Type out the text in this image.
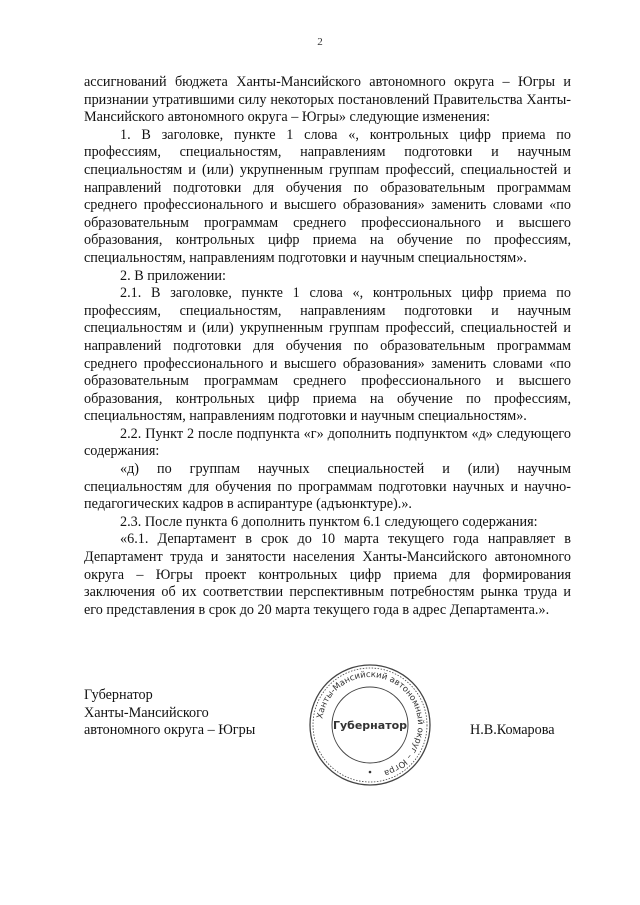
2

ассигнований бюджета Ханты-Мансийского автономного округа – Югры и признании утратившими силу некоторых постановлений Правительства Ханты-Мансийского автономного округа – Югры» следующие изменения:

1. В заголовке, пункте 1 слова «, контрольных цифр приема по профессиям, специальностям, направлениям подготовки и научным специальностям и (или) укрупненным группам профессий, специальностей и направлений подготовки для обучения по образовательным программам среднего профессионального и высшего образования» заменить словами «по образовательным программам среднего профессионального и высшего образования, контрольных цифр приема на обучение по профессиям, специальностям, направлениям подготовки и научным специальностям».

2. В приложении:

2.1. В заголовке, пункте 1 слова «, контрольных цифр приема по профессиям, специальностям, направлениям подготовки и научным специальностям и (или) укрупненным группам профессий, специальностей и направлений подготовки для обучения по образовательным программам среднего профессионального и высшего образования» заменить словами «по образовательным программам среднего профессионального и высшего образования, контрольных цифр приема на обучение по профессиям, специальностям, направлениям подготовки и научным специальностям».

2.2. Пункт 2 после подпункта «г» дополнить подпунктом «д» следующего содержания:

«д) по группам научных специальностей и (или) научным специальностям для обучения по программам подготовки научных и научно-педагогических кадров в аспирантуре (адъюнктуре).».

2.3. После пункта 6 дополнить пунктом 6.1 следующего содержания:

«6.1. Департамент в срок до 10 марта текущего года направляет в Департамент труда и занятости населения Ханты-Мансийского автономного округа – Югры проект контрольных цифр приема для формирования заключения об их соответствии перспективным потребностям рынка труда и его представления в срок до 20 марта текущего года в адрес Департамента.».

Губернатор
Ханты-Мансийского
автономного округа – Югры
Ханты-Мансийский автономный округ – Югра
Губернатор	Н.В.Комарова
